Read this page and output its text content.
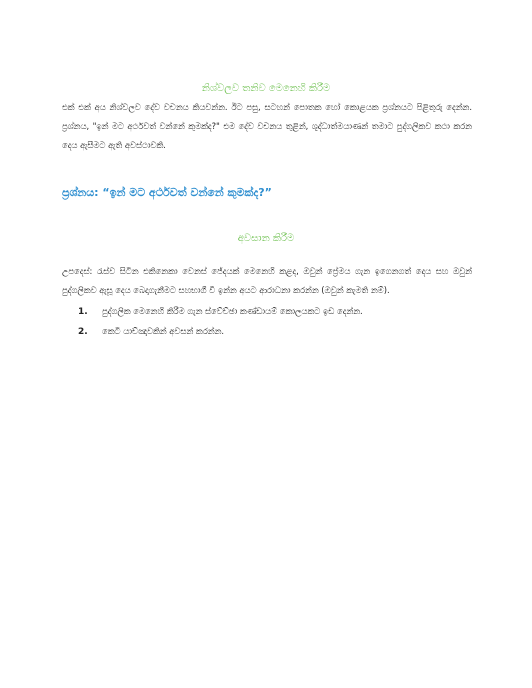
නිශ්වලව තනිව මෙනෙහි කිරීම

එක් එක් අය නිශ්වලව දේව වචනය කියවන්න. ඊට පසු, සටහන් පොතක හෝ කොළයක ප්‍රශ්නයට පිළිතුරු දෙන්න. ප්‍රශ්නය, "ඉන් මට අර්ථවත් වන්නේ කුමක්ද?" එම දේව වචනය තුළින්, ශුද්ධාත්මයාණන් තමාට පුද්ගලිකව කථා කරන දෙය ඇසීමට ඇති අවස්ථාවකි.

ප්‍රශ්නය: “ඉන් මට අර්ථවත් වන්නේ කුමක්ද?”

අවසාන කිරීම

උපදෙස්: රැස්ව සිටින එකිනෙකා වෙනස් ජේදයක් මෙනෙහි කළද, ඔවුන් ප්‍රේමය ගැන ඉගෙනගත් දෙය සහ ඔවුන් පුද්ගලිකව ඇසූ දෙය බෙදාගැනීමට සහභාගී වී ඉන්න අයට ආරාධනා කරන්න (ඔවුන් කැමති නම්).

1.	පුද්ගලික මෙනෙහි කිරීම ගැන ස්වේච්ඡා කණ්ඩායම් කොලයකට ඉඩ දෙන්න.
2.	කෙටි යාච්ඤාවකින් අවසන් කරන්න.
